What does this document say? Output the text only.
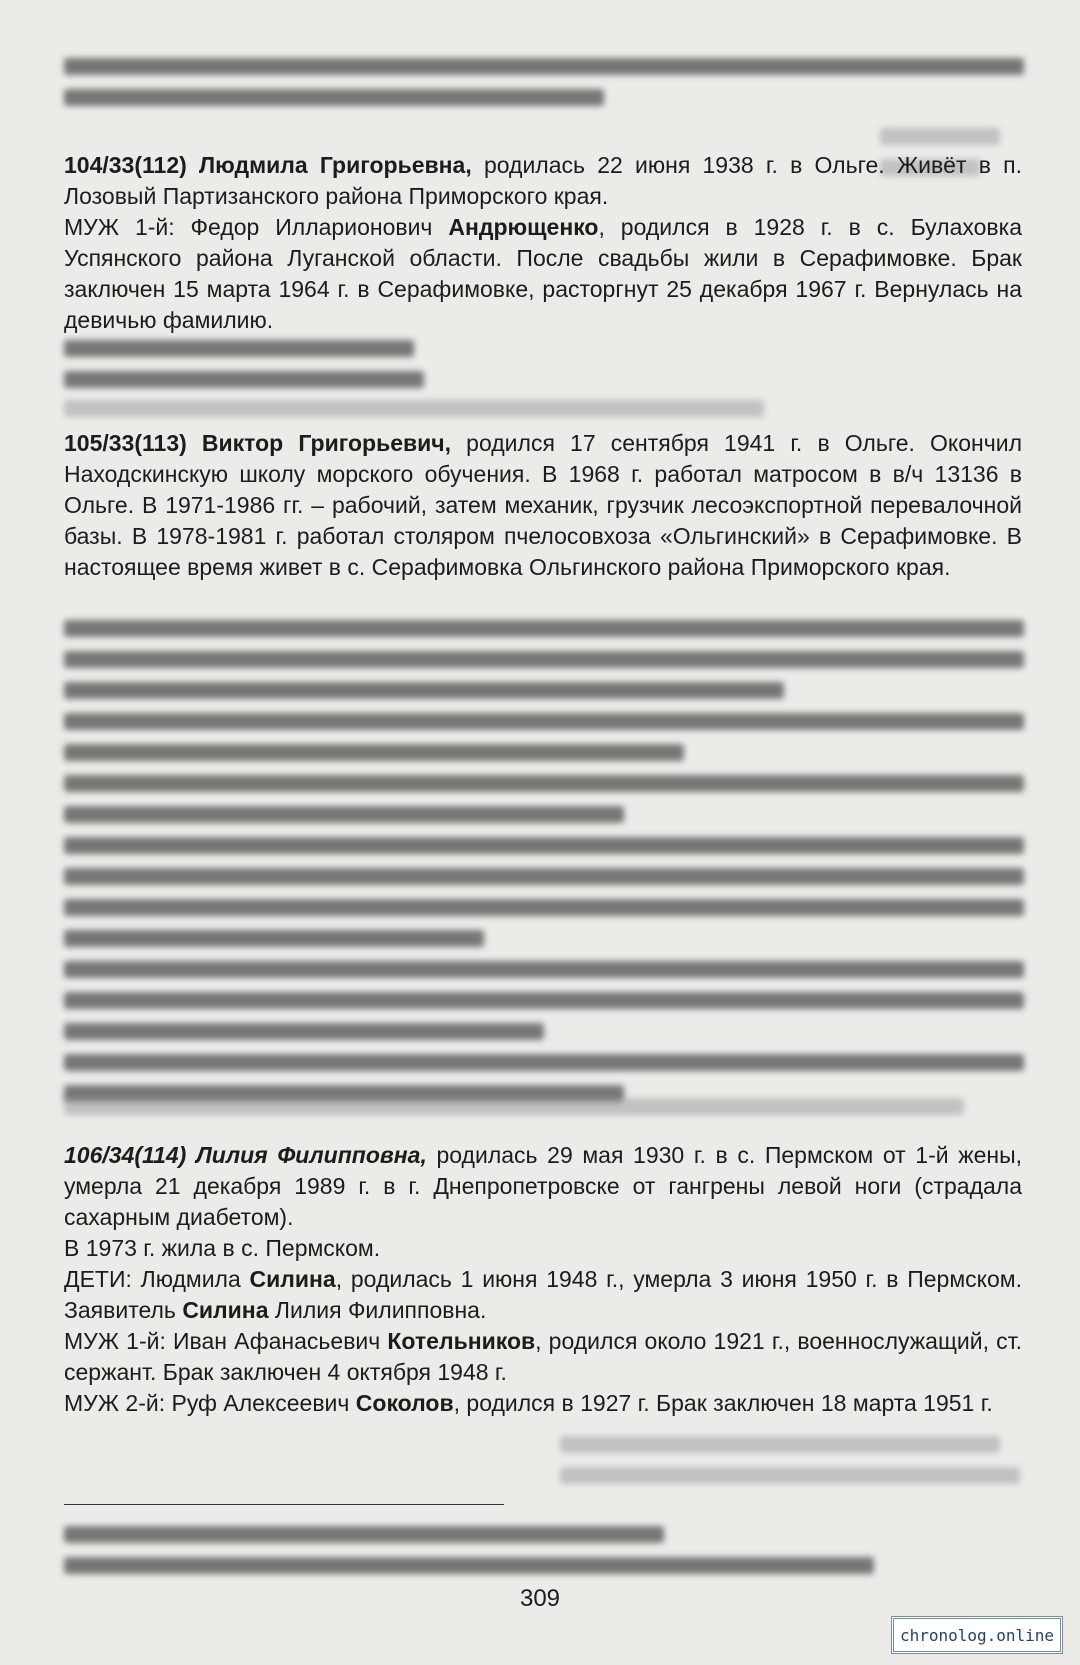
104/33(112) Людмила Григорьевна, родилась 22 июня 1938 г. в Ольге. Живёт в п. Лозовый Партизанского района Приморского края.

МУЖ 1-й: Федор Илларионович Андрющенко, родился в 1928 г. в с. Булаховка Успянского района Луганской области. После свадьбы жили в Серафимовке. Брак заключен 15 марта 1964 г. в Серафимовке, расторгнут 25 декабря 1967 г. Вернулась на девичью фамилию.

105/33(113) Виктор Григорьевич, родился 17 сентября 1941 г. в Ольге. Окончил Находскинскую школу морского обучения. В 1968 г. работал матросом в в/ч 13136 в Ольге. В 1971-1986 гг. – рабочий, затем механик, грузчик лесоэкспортной перевалочной базы. В 1978-1981 г. работал столяром пчелосовхоза «Ольгинский» в Серафимовке. В настоящее время живет в с. Серафимовка Ольгинского района Приморского края.

106/34(114) Лилия Филипповна, родилась 29 мая 1930 г. в с. Пермском от 1-й жены, умерла 21 декабря 1989 г. в г. Днепропетровске от гангрены левой ноги (страдала сахарным диабетом).

В 1973 г. жила в с. Пермском.

ДЕТИ: Людмила Силина, родилась 1 июня 1948 г., умерла 3 июня 1950 г. в Пермском. Заявитель Силина Лилия Филипповна.

МУЖ 1-й: Иван Афанасьевич Котельников, родился около 1921 г., военнослужащий, ст. сержант. Брак заключен 4 октября 1948 г.

МУЖ 2-й: Руф Алексеевич Соколов, родился в 1927 г. Брак заключен 18 марта 1951 г.

309
chronolog.online
